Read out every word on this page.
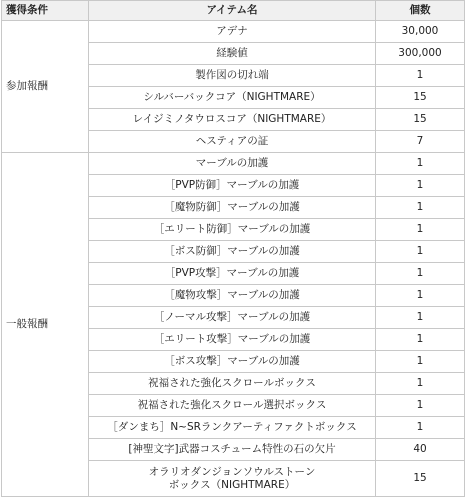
獲得条件	アイテム名	個数
参加報酬	アデナ	30,000
	経験値	300,000
	製作図の切れ端	1
	シルバーバックコア（NIGHTMARE）	15
	レイジミノタウロスコア（NIGHTMARE）	15
	ヘスティアの証	7
一般報酬	マーブルの加護	1
	［PVP防御］マーブルの加護	1
	［魔物防御］マーブルの加護	1
	［エリート防御］マーブルの加護	1
	［ボス防御］マーブルの加護	1
	［PVP攻撃］マーブルの加護	1
	［魔物攻撃］マーブルの加護	1
	［ノーマル攻撃］マーブルの加護	1
	［エリート攻撃］マーブルの加護	1
	［ボス攻撃］マーブルの加護	1
	祝福された強化スクロールボックス	1
	祝福された強化スクロール選択ボックス	1
	［ダンまち］N~SRランクアーティファクトボックス	1
	[神聖文字]武器コスチューム特性の石の欠片	40
	オラリオダンジョンソウルストーン
ボックス（NIGHTMARE）	15
